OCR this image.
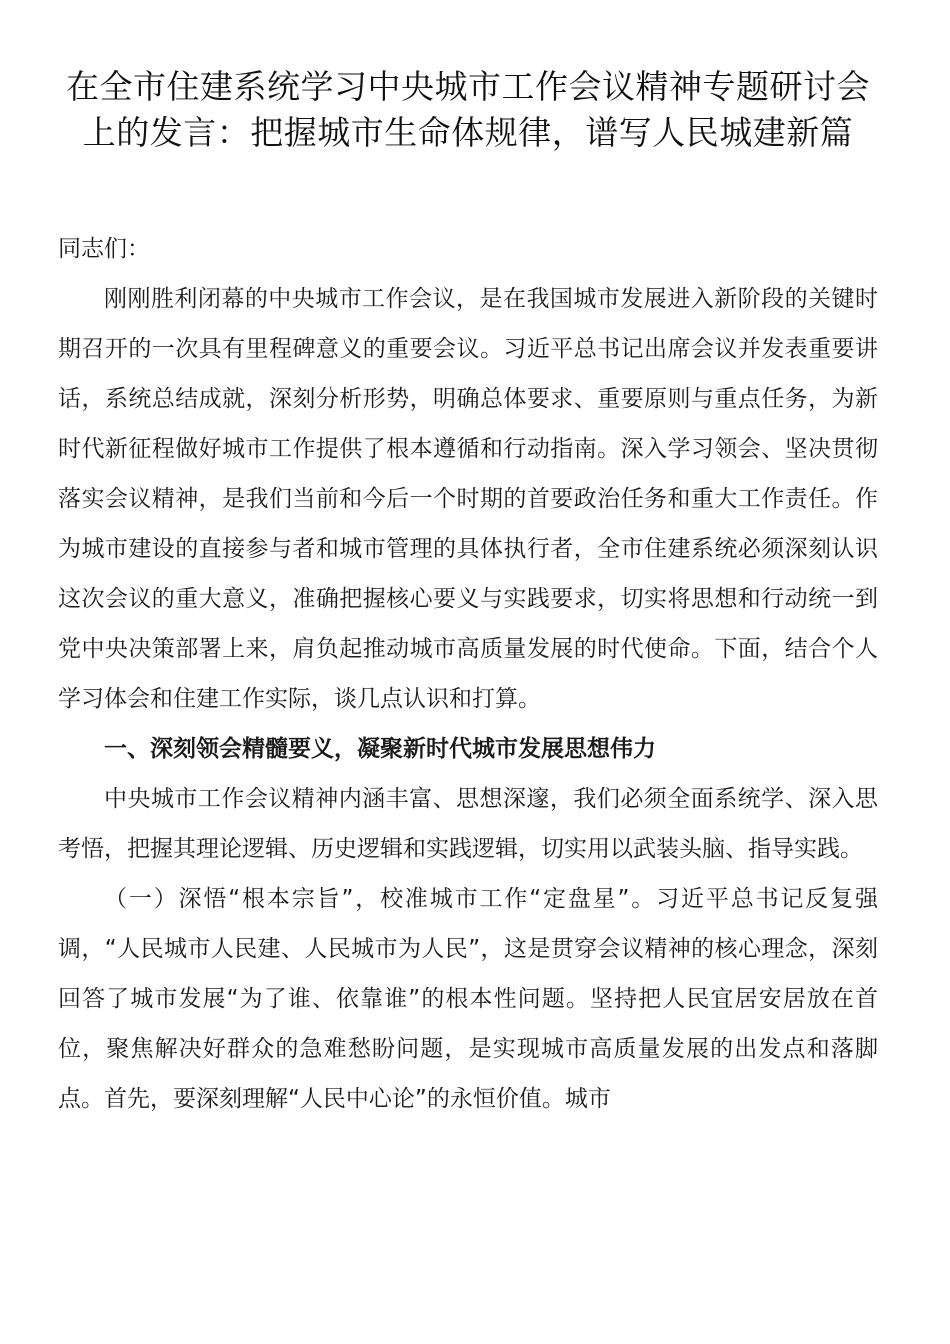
在全市住建系统学习中央城市工作会议精神专题研讨会上的发言：把握城市生命体规律，谱写人民城建新篇

同志们：

刚刚胜利闭幕的中央城市工作会议，是在我国城市发展进入新阶段的关键时期召开的一次具有里程碑意义的重要会议。习近平总书记出席会议并发表重要讲话，系统总结成就，深刻分析形势，明确总体要求、重要原则与重点任务，为新时代新征程做好城市工作提供了根本遵循和行动指南。深入学习领会、坚决贯彻落实会议精神，是我们当前和今后一个时期的首要政治任务和重大工作责任。作为城市建设的直接参与者和城市管理的具体执行者，全市住建系统必须深刻认识这次会议的重大意义，准确把握核心要义与实践要求，切实将思想和行动统一到党中央决策部署上来，肩负起推动城市高质量发展的时代使命。下面，结合个人学习体会和住建工作实际，谈几点认识和打算。

一、深刻领会精髓要义，凝聚新时代城市发展思想伟力

中央城市工作会议精神内涵丰富、思想深邃，我们必须全面系统学、深入思考悟，把握其理论逻辑、历史逻辑和实践逻辑，切实用以武装头脑、指导实践。

（一）深悟“根本宗旨”，校准城市工作“定盘星”。习近平总书记反复强调，“人民城市人民建、人民城市为人民”，这是贯穿会议精神的核心理念，深刻回答了城市发展“为了谁、依靠谁”的根本性问题。坚持把人民宜居安居放在首位，聚焦解决好群众的急难愁盼问题，是实现城市高质量发展的出发点和落脚点。首先，要深刻理解“人民中心论”的永恒价值。城市
